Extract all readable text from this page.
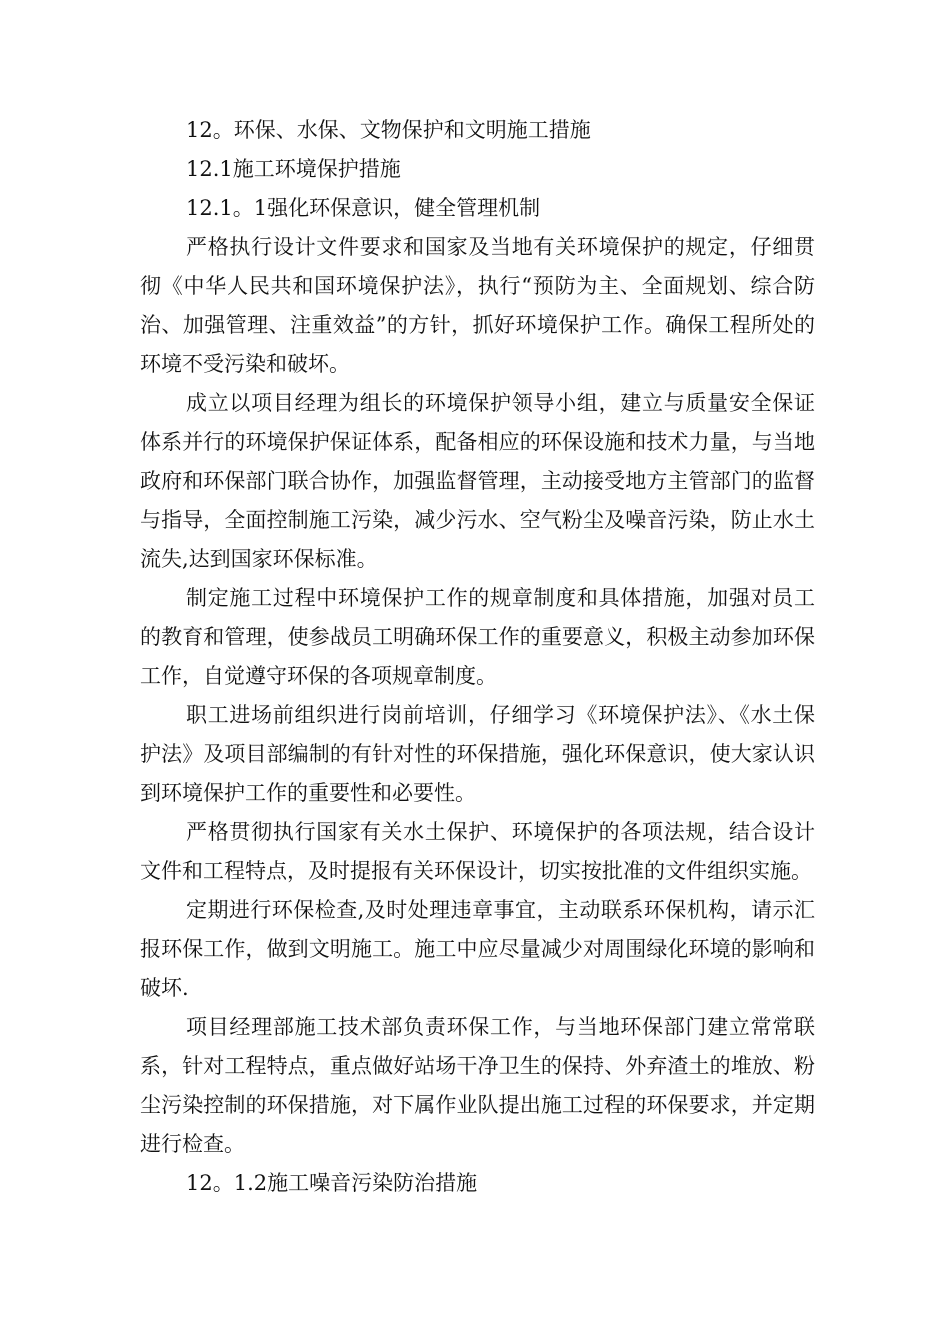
12。环保、水保、文物保护和文明施工措施

12.1施工环境保护措施

12.1。1强化环保意识，健全管理机制

严格执行设计文件要求和国家及当地有关环境保护的规定，仔细贯彻《中华人民共和国环境保护法》，执行“预防为主、全面规划、综合防治、加强管理、注重效益”的方针，抓好环境保护工作。确保工程所处的环境不受污染和破坏。

成立以项目经理为组长的环境保护领导小组，建立与质量安全保证体系并行的环境保护保证体系，配备相应的环保设施和技术力量，与当地政府和环保部门联合协作，加强监督管理，主动接受地方主管部门的监督与指导，全面控制施工污染，减少污水、空气粉尘及噪音污染，防止水土流失,达到国家环保标准。

制定施工过程中环境保护工作的规章制度和具体措施，加强对员工的教育和管理，使参战员工明确环保工作的重要意义，积极主动参加环保工作，自觉遵守环保的各项规章制度。

职工进场前组织进行岗前培训，仔细学习《环境保护法》、《水土保护法》及项目部编制的有针对性的环保措施，强化环保意识，使大家认识到环境保护工作的重要性和必要性。

严格贯彻执行国家有关水土保护、环境保护的各项法规，结合设计文件和工程特点，及时提报有关环保设计，切实按批准的文件组织实施。

定期进行环保检查,及时处理违章事宜，主动联系环保机构，请示汇报环保工作，做到文明施工。施工中应尽量减少对周围绿化环境的影响和破坏.

项目经理部施工技术部负责环保工作，与当地环保部门建立常常联系，针对工程特点，重点做好站场干净卫生的保持、外弃渣土的堆放、粉尘污染控制的环保措施，对下属作业队提出施工过程的环保要求，并定期进行检查。

12。1.2施工噪音污染防治措施
